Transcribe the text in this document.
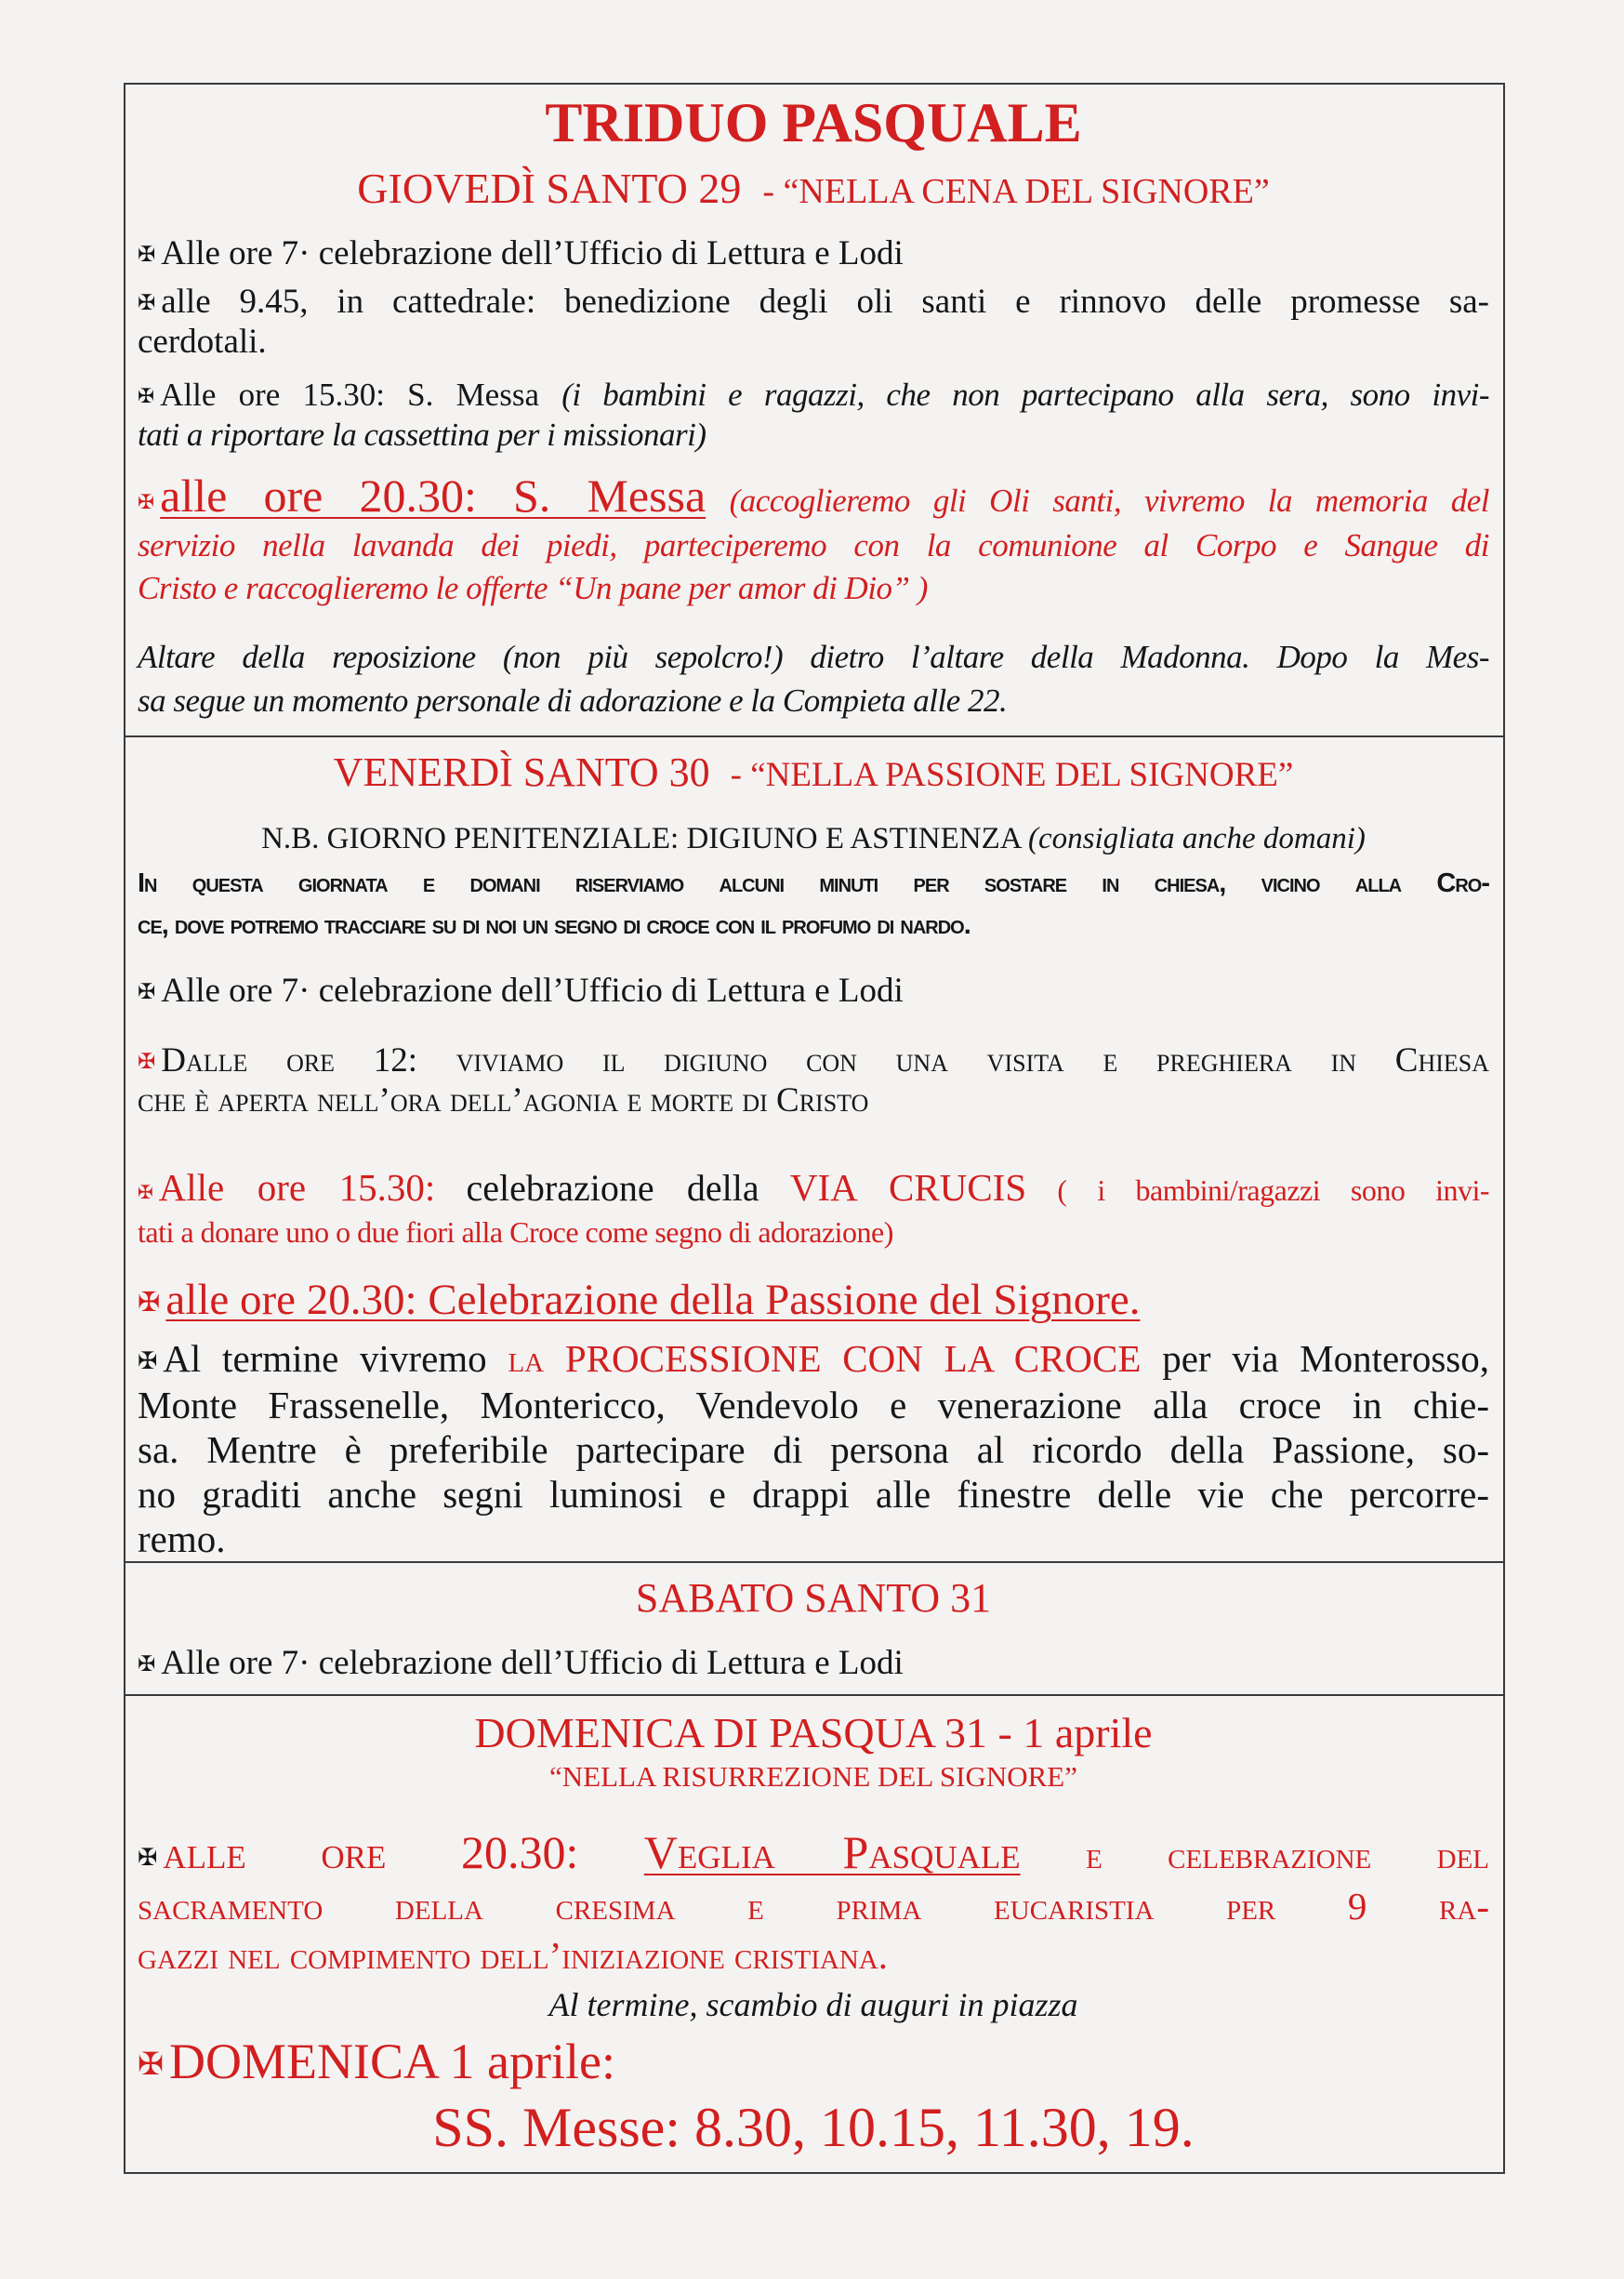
TRIDUO PASQUALE
GIOVEDÌ SANTO 29 - “NELLA CENA DEL SIGNORE”
✠ Alle ore 7· celebrazione dell’Ufficio di Lettura e Lodi
✠ alle 9.45, in cattedrale: benedizione degli oli santi e rinnovo delle promesse sa-
cerdotali.
✠ Alle ore 15.30: S. Messa (i bambini e ragazzi, che non partecipano alla sera, sono invi-
tati a riportare la cassettina per i missionari)
✠ alle ore 20.30: S. Messa (accoglieremo gli Oli santi, vivremo la memoria del
servizio nella lavanda dei piedi, parteciperemo con la comunione al Corpo e Sangue di
Cristo e raccoglieremo le offerte “Un pane per amor di Dio” )
Altare della reposizione (non più sepolcro!) dietro l’altare della Madonna. Dopo la Mes-
sa segue un momento personale di adorazione e la Compieta alle 22.
VENERDÌ SANTO 30 - “NELLA PASSIONE DEL SIGNORE”
N.B. GIORNO PENITENZIALE: DIGIUNO E ASTINENZA (consigliata anche domani)
In questa giornata e domani riserviamo alcuni minuti per sostare in chiesa, vicino alla Cro-
ce, dove potremo tracciare su di noi un segno di croce con il profumo di nardo.
✠ Alle ore 7· celebrazione dell’Ufficio di Lettura e Lodi
✠ Dalle ore 12: viviamo il digiuno con una visita e preghiera in Chiesa
che è aperta nell’ora dell’agonia e morte di Cristo
✠ Alle ore 15.30: celebrazione della VIA CRUCIS ( i bambini/ragazzi sono invi-
tati a donare uno o due fiori alla Croce come segno di adorazione)
✠ alle ore 20.30: Celebrazione della Passione del Signore.
✠ Al termine vivremo la PROCESSIONE CON LA CROCE per via Monterosso,
Monte Frassenelle, Montericco, Vendevolo e venerazione alla croce in chie-
sa. Mentre è preferibile partecipare di persona al ricordo della Passione, so-
no graditi anche segni luminosi e drappi alle finestre delle vie che percorre-
remo.
SABATO SANTO 31
✠ Alle ore 7· celebrazione dell’Ufficio di Lettura e Lodi
DOMENICA DI PASQUA 31 - 1 aprile
“NELLA RISURREZIONE DEL SIGNORE”
✠ alle ore 20.30: Veglia Pasquale e celebrazione del
sacramento della cresima e prima eucaristia per 9 ra-
gazzi nel compimento dell’iniziazione cristiana.
Al termine, scambio di auguri in piazza
✠ DOMENICA 1 aprile:
SS. Messe: 8.30, 10.15, 11.30, 19.
